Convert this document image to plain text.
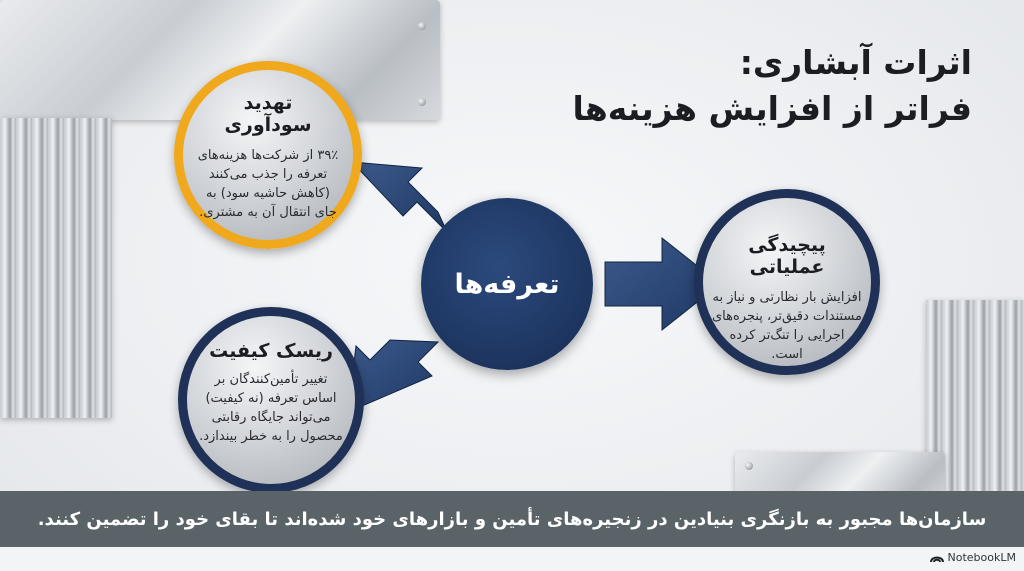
اثرات آبشاری:
فراتر از افزایش هزینه‌ها
تهدید سودآوری

۳۹٪ از شرکت‌ها هزینه‌های تعرفه را جذب می‌کنند (کاهش حاشیه سود) به جای انتقال آن به مشتری.

پیچیدگی عملیاتی

افزایش بار نظارتی و نیاز به مستندات دقیق‌تر، پنجره‌های اجرایی را تنگ‌تر کرده است.

ریسک کیفیت

تغییر تأمین‌کنندگان بر اساس تعرفه (نه کیفیت) می‌تواند جایگاه رقابتی محصول را به خطر بیندازد.

تعرفه‌ها
سازمان‌ها مجبور به بازنگری بنیادین در زنجیره‌های تأمین و بازارهای خود شده‌اند تا بقای خود را تضمین کنند.
NotebookLM
